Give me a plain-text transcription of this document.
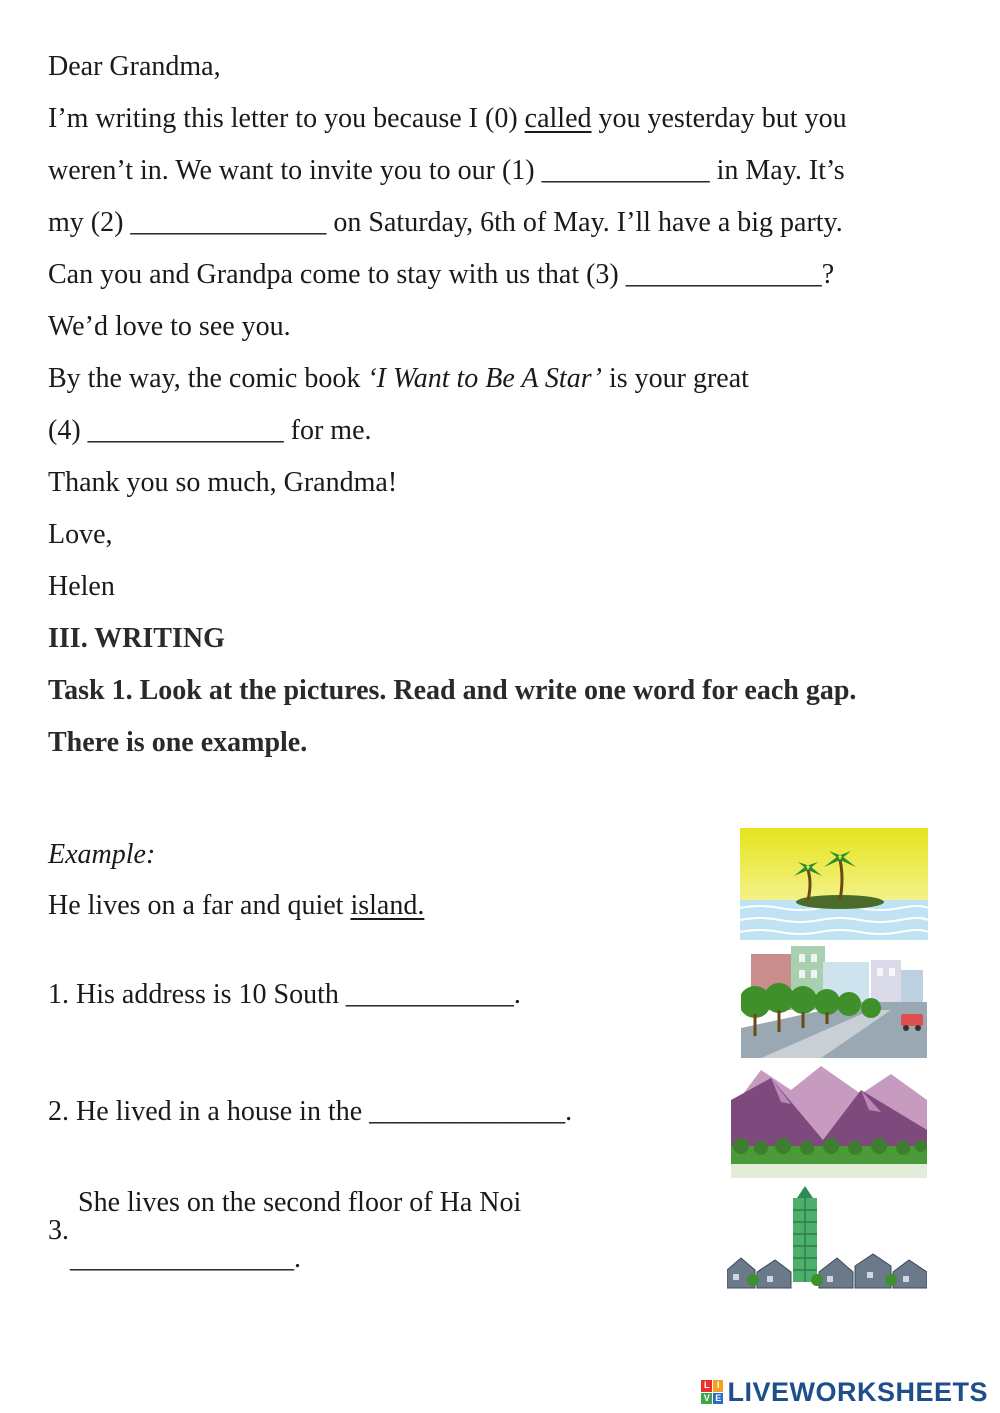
Dear Grandma,
I’m writing this letter to you because I (0) called you yesterday but you
weren’t in. We want to invite you to our (1) ____________ in May. It’s
my (2) ______________ on Saturday, 6th of May. I’ll have a big party.
Can you and Grandpa come to stay with us that (3) ______________?
We’d love to see you.
By the way, the comic book ‘I Want to Be A Star’ is your great
(4) ______________ for me.
Thank you so much, Grandma!
Love,
Helen
III. WRITING
Task 1. Look at the pictures. Read and write one word for each gap.
There is one example.
Example:
He lives on a far and quiet island.
1. His address is 10 South ____________.
2. He lived in a house in the ______________.
3.
She lives on the second floor of Ha Noi
________________.
L I
V E LIVEWORKSHEETS
